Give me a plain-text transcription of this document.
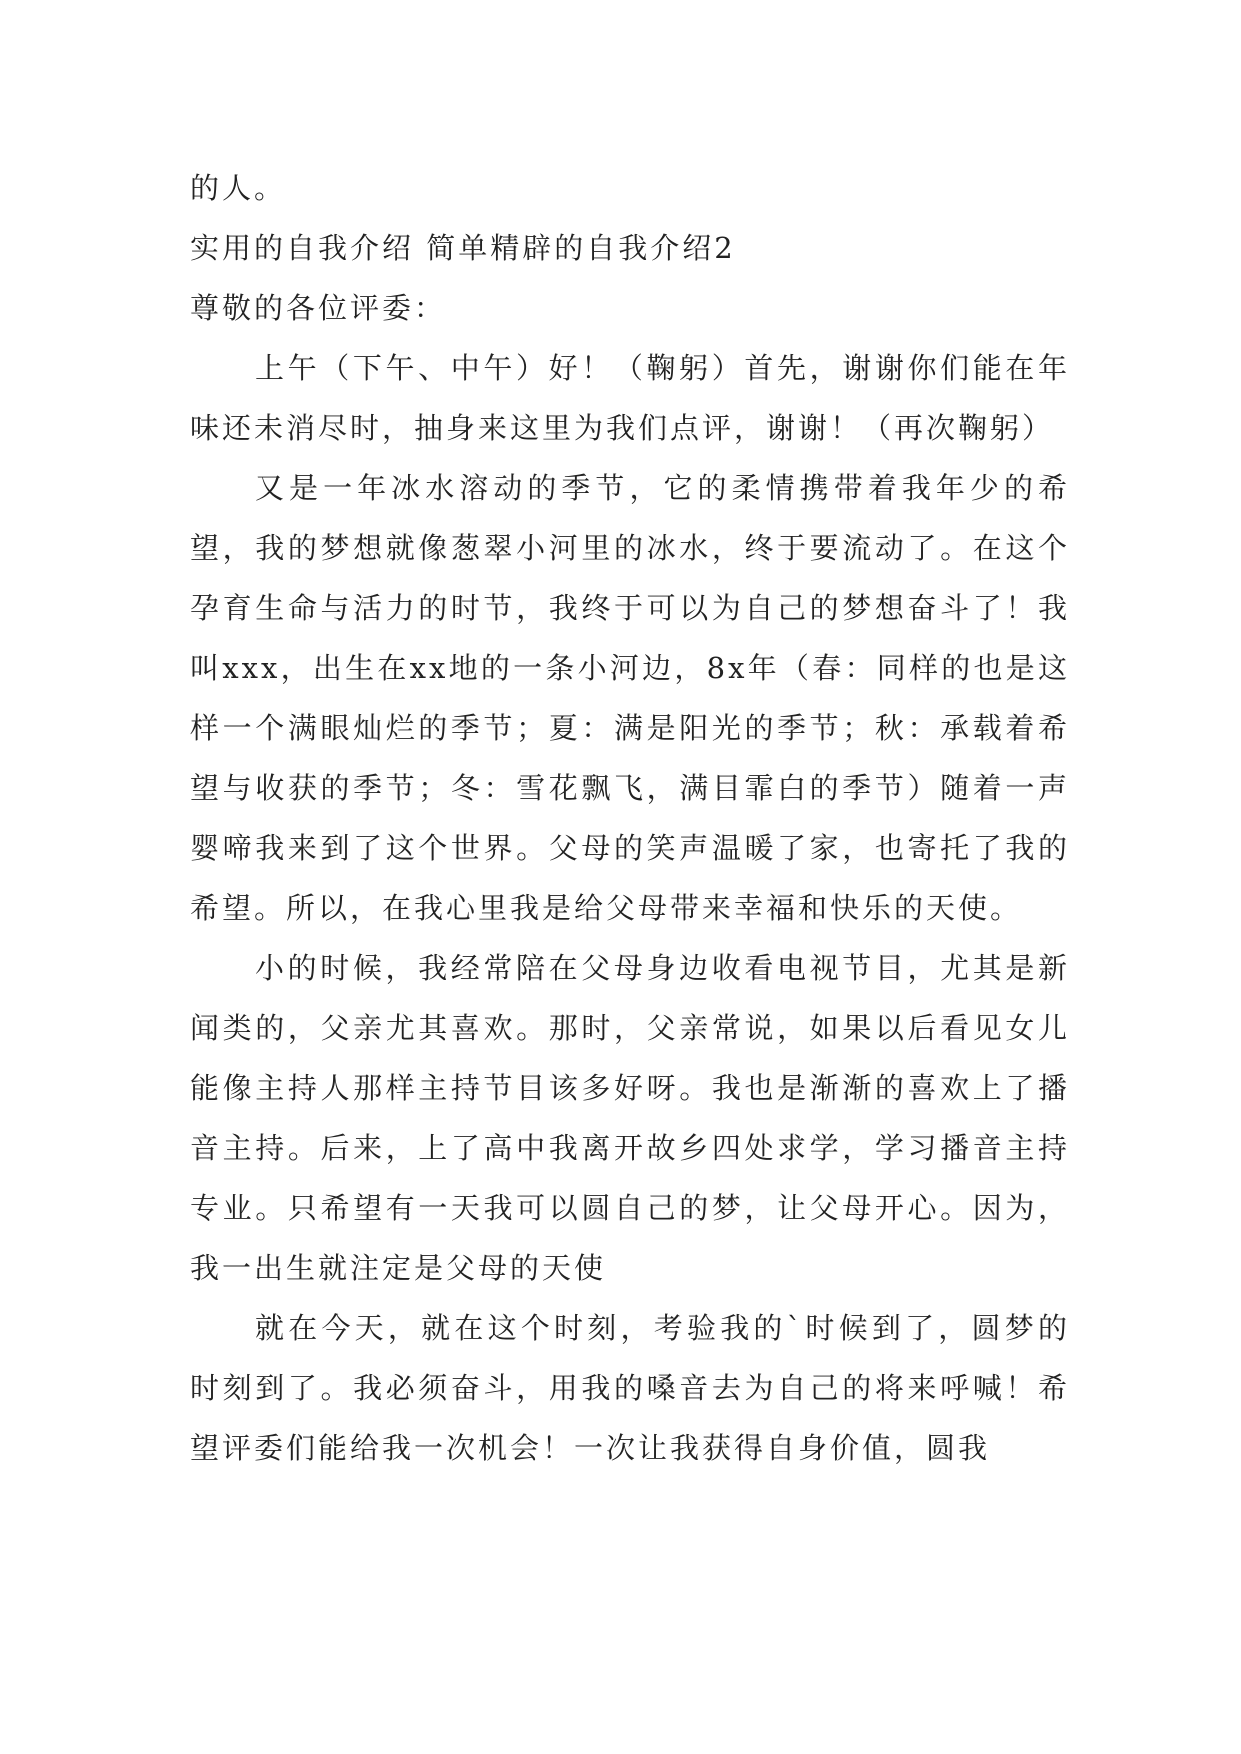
的人。

实用的自我介绍 简单精辟的自我介绍2

尊敬的各位评委：

上午（下午、中午）好！（鞠躬）首先，谢谢你们能在年味还未消尽时，抽身来这里为我们点评，谢谢！（再次鞠躬）

又是一年冰水溶动的季节，它的柔情携带着我年少的希望，我的梦想就像葱翠小河里的冰水，终于要流动了。在这个孕育生命与活力的时节，我终于可以为自己的梦想奋斗了！我叫xxx，出生在xx地的一条小河边，8x年（春：同样的也是这样一个满眼灿烂的季节；夏：满是阳光的季节；秋：承载着希望与收获的季节；冬：雪花飘飞，满目霏白的季节）随着一声婴啼我来到了这个世界。父母的笑声温暖了家，也寄托了我的希望。所以，在我心里我是给父母带来幸福和快乐的天使。

小的时候，我经常陪在父母身边收看电视节目，尤其是新闻类的，父亲尤其喜欢。那时，父亲常说，如果以后看见女儿能像主持人那样主持节目该多好呀。我也是渐渐的喜欢上了播音主持。后来，上了高中我离开故乡四处求学，学习播音主持专业。只希望有一天我可以圆自己的梦，让父母开心。因为，我一出生就注定是父母的天使

就在今天，就在这个时刻，考验我的`时候到了，圆梦的时刻到了。我必须奋斗，用我的嗓音去为自己的将来呼喊！希望评委们能给我一次机会！一次让我获得自身价值，圆我
